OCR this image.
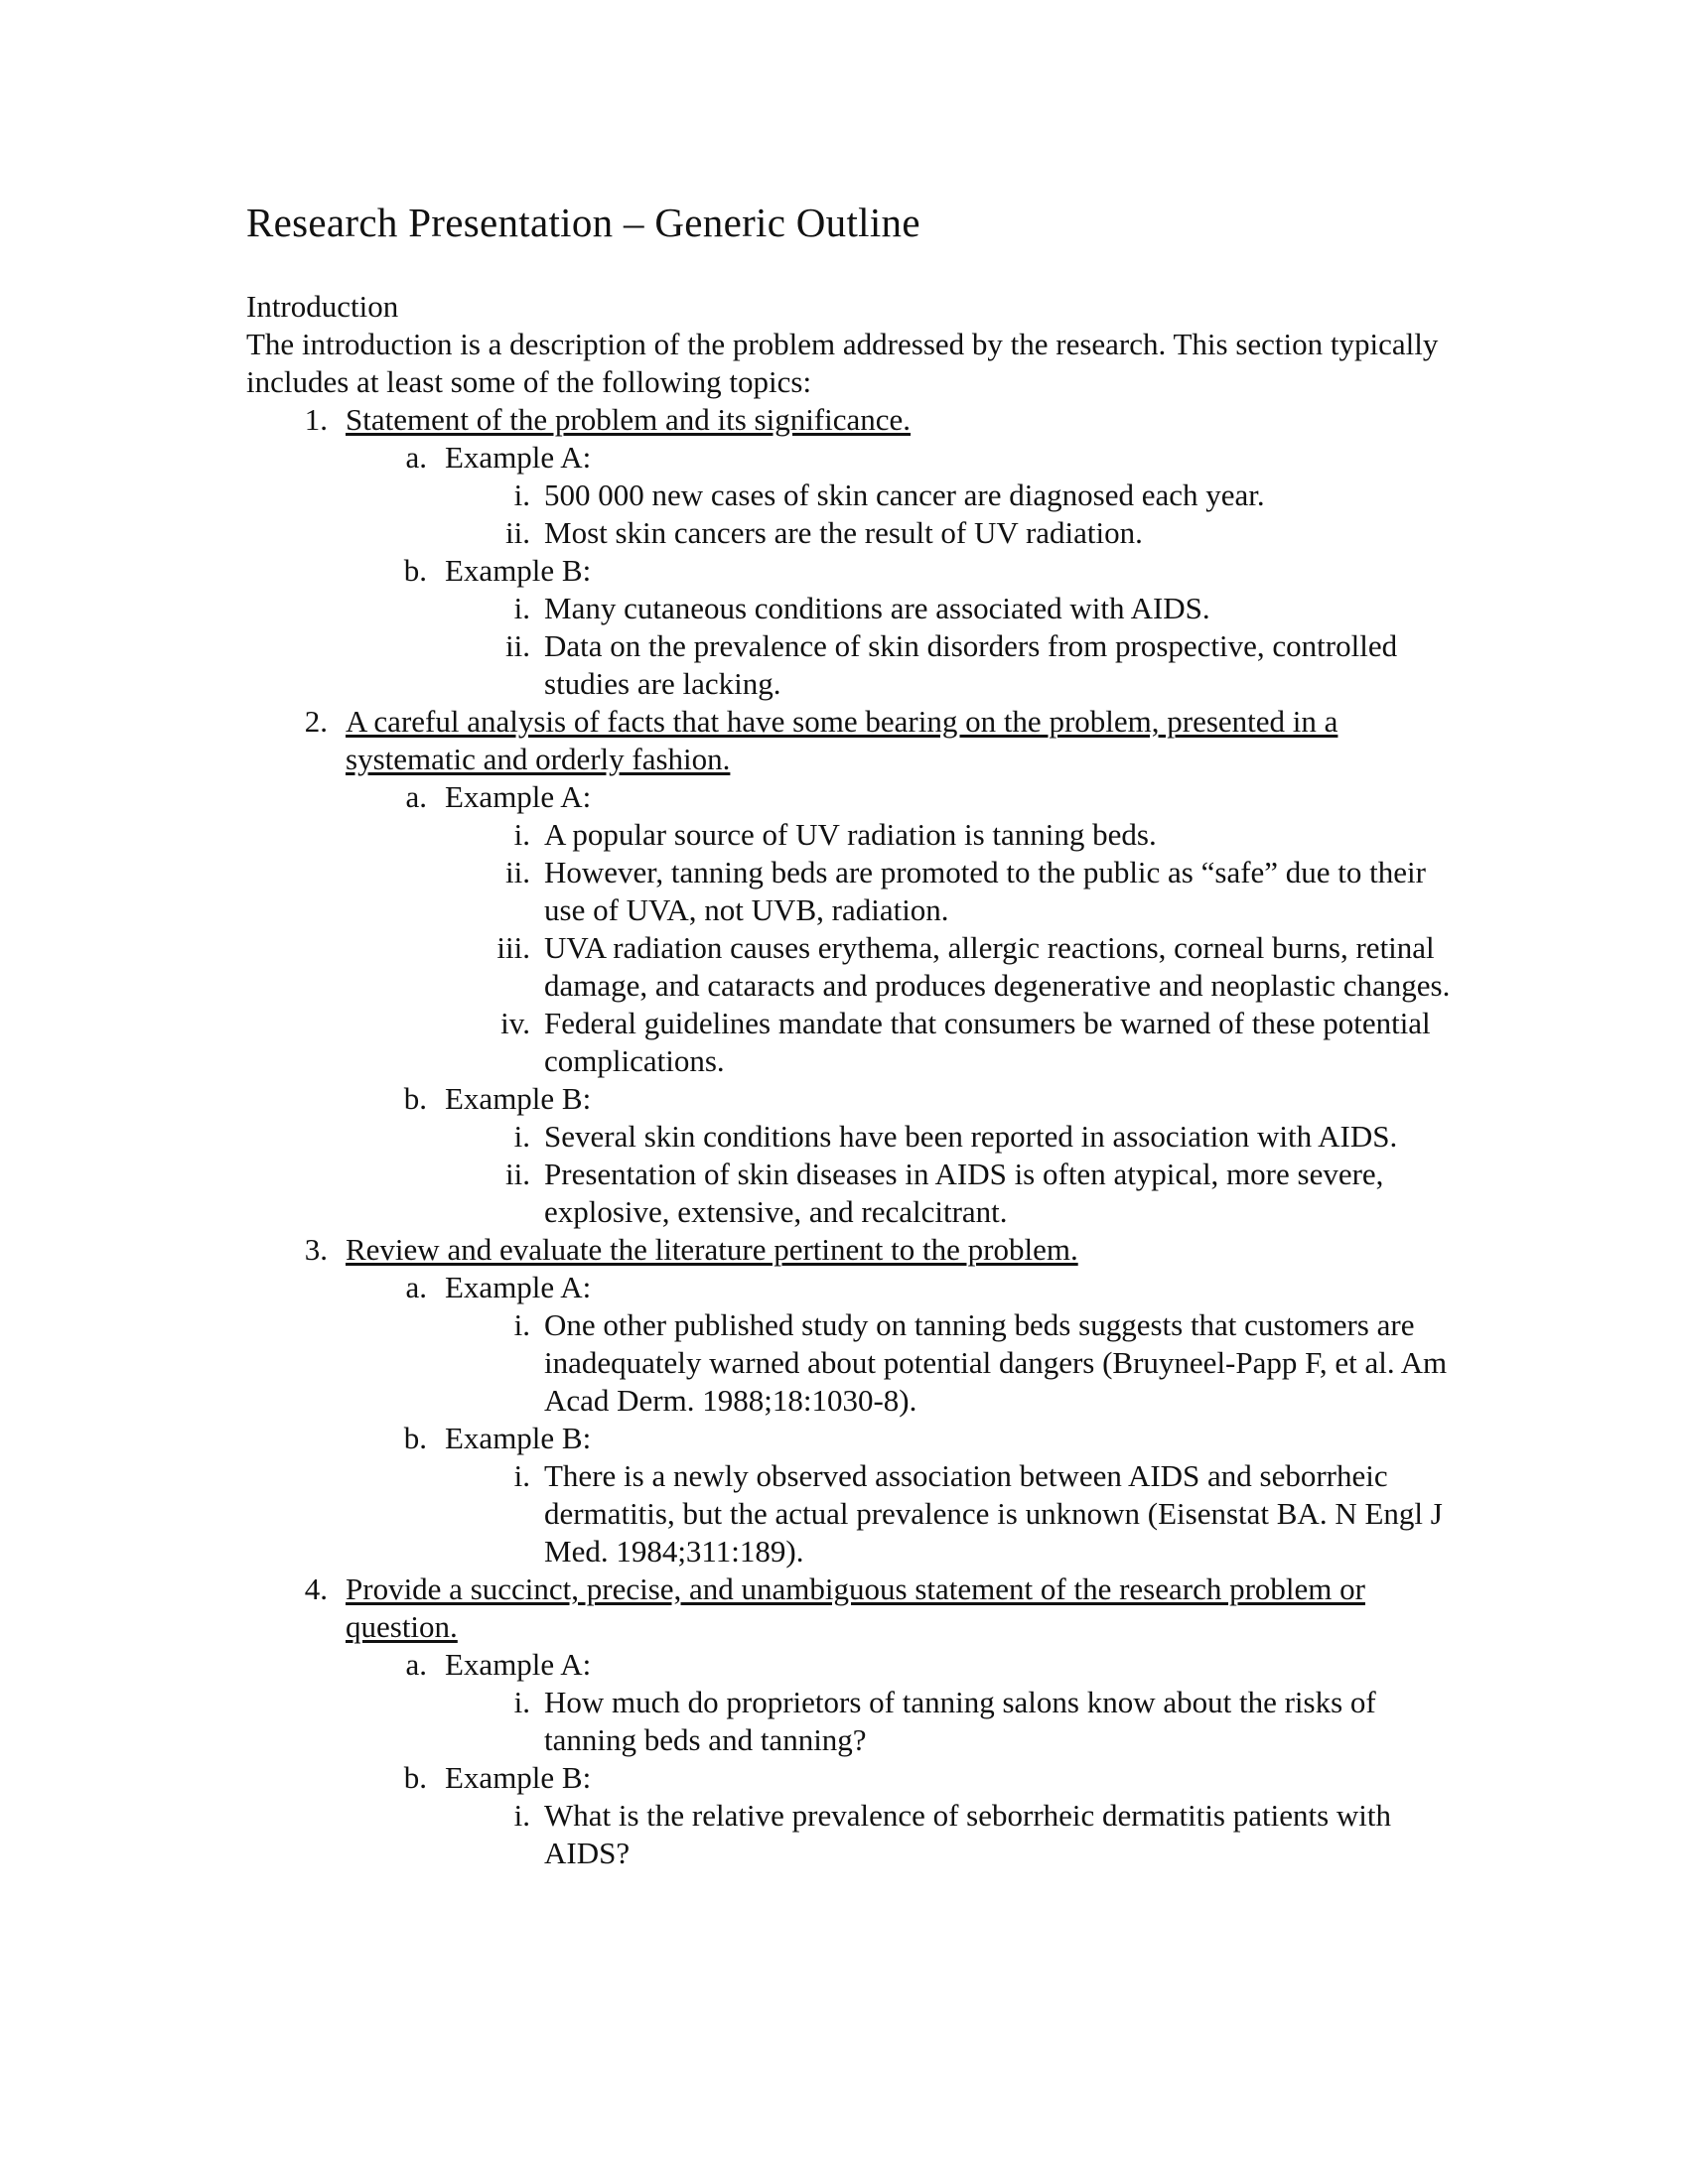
Research Presentation – Generic Outline

Introduction

The introduction is a description of the problem addressed by the research. This section typically includes at least some of the following topics:

1. Statement of the problem and its significance.
a. Example A:
i. 500 000 new cases of skin cancer are diagnosed each year.
ii. Most skin cancers are the result of UV radiation.
b. Example B:
i. Many cutaneous conditions are associated with AIDS.
ii. Data on the prevalence of skin disorders from prospective, controlled studies are lacking.
2. A careful analysis of facts that have some bearing on the problem, presented in a systematic and orderly fashion.
a. Example A:
i. A popular source of UV radiation is tanning beds.
ii. However, tanning beds are promoted to the public as “safe” due to their use of UVA, not UVB, radiation.
iii. UVA radiation causes erythema, allergic reactions, corneal burns, retinal damage, and cataracts and produces degenerative and neoplastic changes.
iv. Federal guidelines mandate that consumers be warned of these potential complications.
b. Example B:
i. Several skin conditions have been reported in association with AIDS.
ii. Presentation of skin diseases in AIDS is often atypical, more severe, explosive, extensive, and recalcitrant.
3. Review and evaluate the literature pertinent to the problem.
a. Example A:
i. One other published study on tanning beds suggests that customers are inadequately warned about potential dangers (Bruyneel-Papp F, et al. Am Acad Derm. 1988;18:1030-8).
b. Example B:
i. There is a newly observed association between AIDS and seborrheic dermatitis, but the actual prevalence is unknown (Eisenstat BA. N Engl J Med. 1984;311:189).
4. Provide a succinct, precise, and unambiguous statement of the research problem or question.
a. Example A:
i. How much do proprietors of tanning salons know about the risks of tanning beds and tanning?
b. Example B:
i. What is the relative prevalence of seborrheic dermatitis patients with AIDS?
